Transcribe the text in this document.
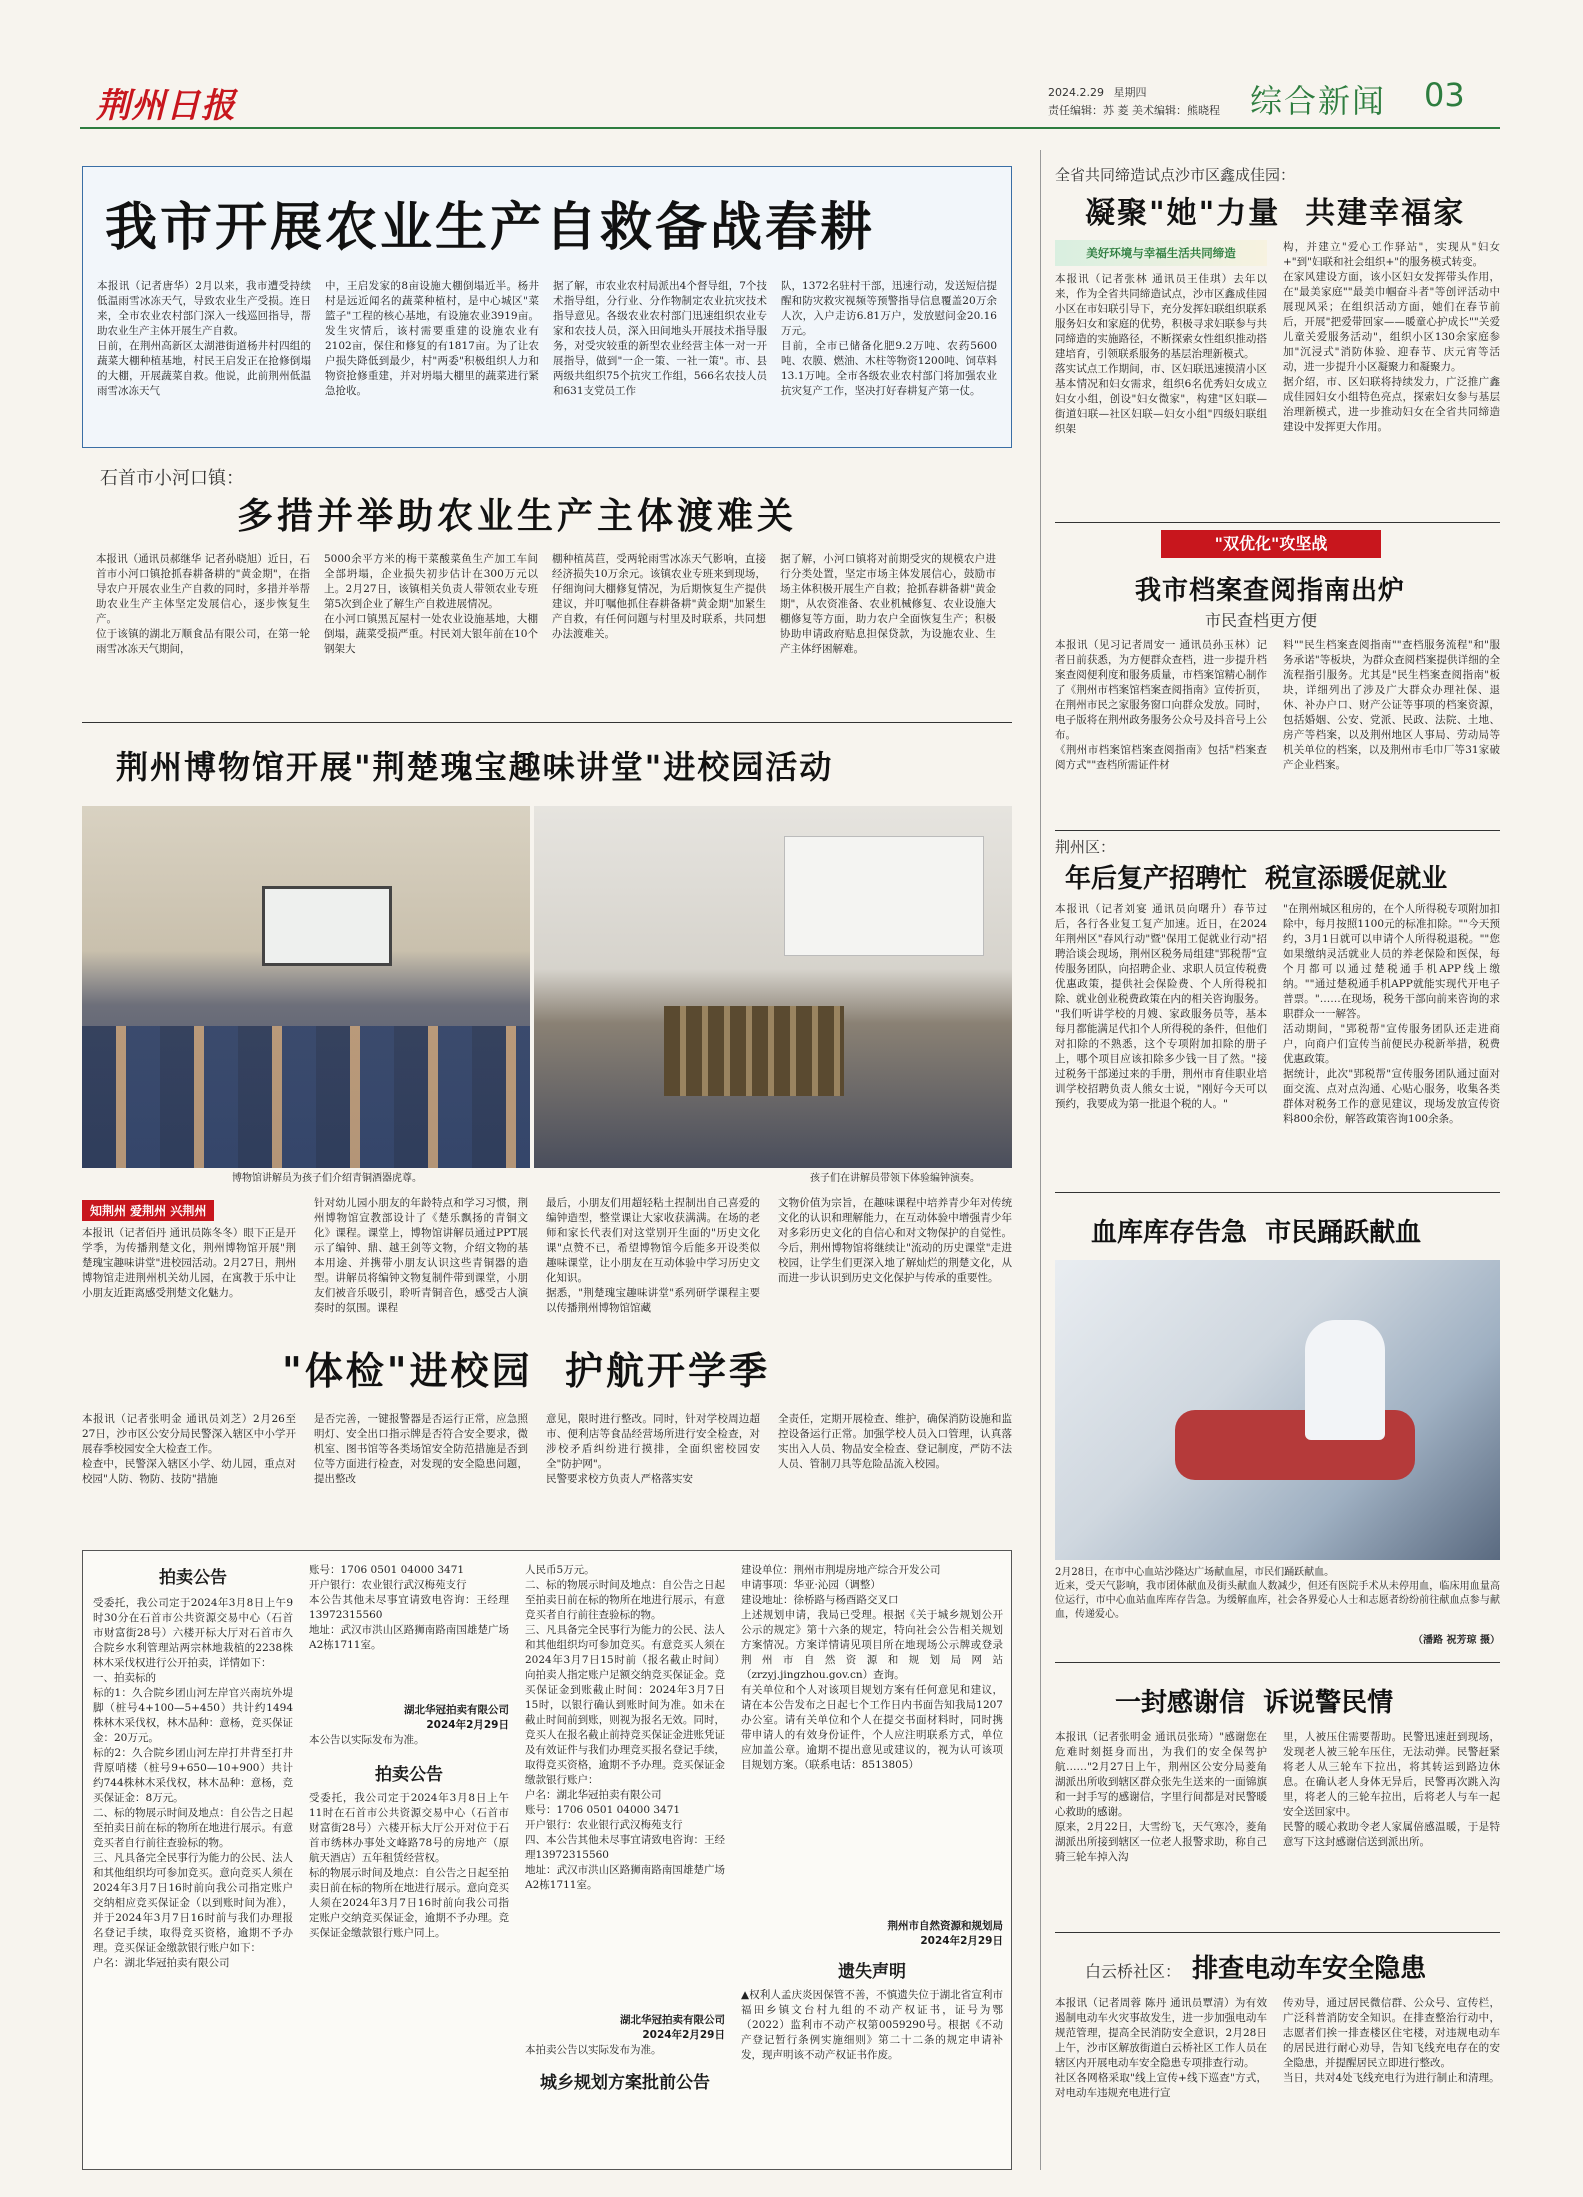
荆州日报	2024.2.29 星期四
责任编辑：苏 菱 美术编辑：熊晓程 综合新闻 03
我市开展农业生产自救备战春耕
本报讯（记者唐华）2月以来，我市遭受持续低温雨雪冰冻天气，导致农业生产受损。连日来，全市农业农村部门深入一线巡回指导，帮助农业生产主体开展生产自救。
日前，在荆州高新区太湖港街道杨井村四组的蔬菜大棚种植基地，村民王启发正在抢修倒塌的大棚，开展蔬菜自救。他说，此前荆州低温雨雪冰冻天气
中，王启发家的8亩设施大棚倒塌近半。杨井村是远近闻名的蔬菜种植村，是中心城区"菜篮子"工程的核心基地，有设施农业3919亩。发生灾情后，该村需要重建的设施农业有2102亩，保住和修复的有1817亩。为了让农户损失降低到最少，村"两委"积极组织人力和物资抢修重建，并对坍塌大棚里的蔬菜进行紧急抢收。
据了解，市农业农村局派出4个督导组，7个技术指导组，分行业、分作物制定农业抗灾技术指导意见。各级农业农村部门迅速组织农业专家和农技人员，深入田间地头开展技术指导服务，对受灾较重的新型农业经营主体一对一开展指导，做到"一企一策、一社一策"。市、县两级共组织75个抗灾工作组，566名农技人员和631支党员工作
队，1372名驻村干部，迅速行动，发送短信提醒和防灾救灾视频等预警指导信息覆盖20万余人次，入户走访6.81万户，发放慰问金20.16万元。
目前，全市已储备化肥9.2万吨、农药5600吨、农膜、燃油、木柱等物资1200吨、饲草料13.1万吨。全市各级农业农村部门将加强农业抗灾复产工作，坚决打好春耕复产第一仗。
石首市小河口镇：
多措并举助农业生产主体渡难关
本报讯（通讯员郝继华 记者孙晓旭）近日，石首市小河口镇抢抓春耕备耕的"黄金期"，在指导农户开展农业生产自救的同时，多措并举帮助农业生产主体坚定发展信心，逐步恢复生产。
位于该镇的湖北万顺食品有限公司，在第一轮雨雪冰冻天气期间，
5000余平方米的梅干菜酸菜鱼生产加工车间全部坍塌，企业损失初步估计在300万元以上。2月27日，该镇相关负责人带领农业专班第5次到企业了解生产自救进展情况。
在小河口镇黑瓦屋村一处农业设施基地，大棚倒塌，蔬菜受损严重。村民刘大银年前在10个钢架大
棚种植莴苣，受两轮雨雪冰冻天气影响，直接经济损失10万余元。该镇农业专班来到现场，仔细询问大棚修复情况，为后期恢复生产提供建议，并叮嘱他抓住春耕备耕"黄金期"加紧生产自救，有任何问题与村里及时联系，共同想办法渡难关。
据了解，小河口镇将对前期受灾的规模农户进行分类处置，坚定市场主体发展信心，鼓励市场主体积极开展生产自救；抢抓春耕备耕"黄金期"，从农资准备、农业机械修复、农业设施大棚修复等方面，助力农户全面恢复生产；积极协助申请政府贴息担保贷款，为设施农业、生产主体纾困解难。
荆州博物馆开展"荆楚瑰宝趣味讲堂"进校园活动
博物馆讲解员为孩子们介绍青铜酒器虎尊。	孩子们在讲解员带领下体验编钟演奏。
知荆州 爱荆州 兴荆州
本报讯（记者佰丹 通讯员陈冬冬）眼下正是开学季，为传播荆楚文化，荆州博物馆开展"荆楚瑰宝趣味讲堂"进校园活动。2月27日，荆州博物馆走进荆州机关幼儿园，在寓教于乐中让小朋友近距离感受荆楚文化魅力。
针对幼儿园小朋友的年龄特点和学习习惯，荆州博物馆宣教部设计了《楚乐飘扬的青铜文化》课程。课堂上，博物馆讲解员通过PPT展示了编钟、鼎、越王剑等文物，介绍文物的基本用途、并携带小朋友认识这些青铜器的造型。讲解员将编钟文物复制件带到课堂，小朋友们被音乐吸引，聆听青铜音色，感受古人演奏时的氛围。课程
最后，小朋友们用超轻粘土捏制出自己喜爱的编钟造型，整堂课让大家收获满满。在场的老师和家长代表们对这堂别开生面的"历史文化课"点赞不已，希望博物馆今后能多开设类似趣味课堂，让小朋友在互动体验中学习历史文化知识。
据悉，"荆楚瑰宝趣味讲堂"系列研学课程主要以传播荆州博物馆馆藏
文物价值为宗旨，在趣味课程中培养青少年对传统文化的认识和理解能力，在互动体验中增强青少年对多彩历史文化的自信心和对文物保护的自觉性。今后，荆州博物馆将继续让"流动的历史课堂"走进校园，让学生们更深入地了解灿烂的荆楚文化，从而进一步认识到历史文化保护与传承的重要性。
"体检"进校园  护航开学季
本报讯（记者张明金 通讯员刘芝）2月26至27日，沙市区公安分局民警深入辖区中小学开展春季校园安全大检查工作。
检查中，民警深入辖区小学、幼儿园，重点对校园"人防、物防、技防"措施
是否完善，一键报警器是否运行正常，应急照明灯、安全出口指示牌是否符合安全要求，微机室、图书馆等各类场馆安全防范措施是否到位等方面进行检查，对发现的安全隐患问题，提出整改
意见，限时进行整改。同时，针对学校周边超市、便利店等食品经营场所进行安全检查，对涉校矛盾纠纷进行摸排，全面织密校园安全"防护网"。
民警要求校方负责人严格落实安
全责任，定期开展检查、维护，确保消防设施和监控设备运行正常。加强学校人员入口管理，认真落实出入人员、物品安全检查、登记制度，严防不法人员、管制刀具等危险品流入校园。
拍卖公告
受委托，我公司定于2024年3月8日上午9时30分在石首市公共资源交易中心（石首市财富街28号）六楼开标大厅对石首市久合院乡水利管理站两宗林地栽植的2238株林木采伐权进行公开拍卖，详情如下：
一、拍卖标的
标的1：久合院乡团山河左岸官兴南坑外堤脚（桩号4+100—5+450）共计约1494株林木采伐权，林木品种：意杨，竞买保证金：20万元。
标的2：久合院乡团山河左岸打井背至打井背原哨楼（桩号9+650—10+900）共计约744株林木采伐权，林木品种：意杨，竞买保证金：8万元。
二、标的物展示时间及地点：自公告之日起至拍卖日前在标的物所在地进行展示。有意竞买者自行前往查验标的物。
三、凡具备完全民事行为能力的公民、法人和其他组织均可参加竞买。意向竞买人须在2024年3月7日16时前向我公司指定账户交纳相应竞买保证金（以到账时间为准），并于2024年3月7日16时前与我们办理报名登记手续，取得竞买资格，逾期不予办理。竞买保证金缴款银行账户如下：
户名：湖北华冠拍卖有限公司
账号：1706 0501 04000 3471
开户银行：农业银行武汉梅苑支行
本公告其他未尽事宜请致电咨询：王经理13972315560
地址：武汉市洪山区路狮南路南国雄楚广场A2栋1711室。
湖北华冠拍卖有限公司
2024年2月29日
本公告以实际发布为准。
拍卖公告
受委托，我公司定于2024年3月8日上午11时在石首市公共资源交易中心（石首市财富街28号）六楼开标大厅公开对位于石首市绣林办事处文峰路78号的房地产（原航天酒店）五年租赁经营权。
标的物展示时间及地点：自公告之日起至拍卖日前在标的物所在地进行展示。意向竞买人须在2024年3月7日16时前向我公司指定账户交纳竞买保证金，逾期不予办理。竞买保证金缴款银行账户同上。
人民币5万元。
二、标的物展示时间及地点：自公告之日起至拍卖日前在标的物所在地进行展示，有意竞买者自行前往查验标的物。
三、凡具备完全民事行为能力的公民、法人和其他组织均可参加竞买。有意竞买人须在2024年3月7日15时前（报名截止时间）向拍卖人指定账户足额交纳竞买保证金。竞买保证金到账截止时间：2024年3月7日15时，以银行确认到账时间为准。如未在截止时间前到账，则视为报名无效。同时，竞买人在报名截止前持竞买保证金进账凭证及有效证件与我们办理竞买报名登记手续，取得竞买资格，逾期不予办理。竞买保证金缴款银行账户：
户名：湖北华冠拍卖有限公司
账号：1706 0501 04000 3471
开户银行：农业银行武汉梅苑支行
四、本公告其他未尽事宜请致电咨询：王经理13972315560
地址：武汉市洪山区路狮南路南国雄楚广场A2栋1711室。
湖北华冠拍卖有限公司
2024年2月29日
本拍卖公告以实际发布为准。
城乡规划方案批前公告
建设单位：荆州市荆堤房地产综合开发公司
申请事项：华亚·沁园（调整）
建设地址：徐桥路与杨酉路交叉口
上述规划申请，我局已受理。根据《关于城乡规划公开公示的规定》第十六条的规定，特向社会公告相关规划方案情况。方案详情请见项目所在地现场公示牌或登录荆州市自然资源和规划局网站（zrzyj.jingzhou.gov.cn）查询。
有关单位和个人对该项目规划方案有任何意见和建议，请在本公告发布之日起七个工作日内书面告知我局1207办公室。请有关单位和个人在提交书面材料时，同时携带申请人的有效身份证件，个人应注明联系方式，单位应加盖公章。逾期不提出意见或建议的，视为认可该项目规划方案。（联系电话：8513805）
荆州市自然资源和规划局
2024年2月29日
遗失声明
▲权利人孟庆炎因保管不善，不慎遗失位于湖北省宣利市福田乡镇文台村九组的不动产权证书，证号为鄂（2022）监利市不动产权第0059290号。根据《不动产登记暂行条例实施细则》第二十二条的规定申请补发，现声明该不动产权证书作废。
全省共同缔造试点沙市区鑫成佳园：
凝聚"她"力量  共建幸福家
美好环境与幸福生活共同缔造
本报讯（记者张林 通讯员王佳琪）去年以来，作为全省共同缔造试点，沙市区鑫成佳园小区在市妇联引导下，充分发挥妇联组织联系服务妇女和家庭的优势，积极寻求妇联参与共同缔造的实施路径，不断探索女性组织推动搭建培育，引领联系服务的基层治理新模式。
落实试点工作期间，市、区妇联迅速摸清小区基本情况和妇女需求，组织6名优秀妇女成立妇女小组，创设"妇女微家"，构建"区妇联—街道妇联—社区妇联—妇女小组"四级妇联组织架
构，并建立"爱心工作驿站"，实现从"妇女+"到"妇联和社会组织+"的服务模式转变。
在家风建设方面，该小区妇女发挥带头作用，在"最美家庭""最美巾帼奋斗者"等创评活动中展现风采；在组织活动方面，她们在春节前后，开展"把爱带回家——暖童心护成长""关爱儿童关爱服务活动"，组织小区130余家庭参加"沉浸式"消防体验、迎春节、庆元宵等活动，进一步提升小区凝聚力和凝聚力。
据介绍，市、区妇联将持续发力，广泛推广鑫成佳园妇女小组特色亮点，探索妇女参与基层治理新模式，进一步推动妇女在全省共同缔造建设中发挥更大作用。
"双优化"攻坚战
我市档案查阅指南出炉
市民查档更方便
本报讯（见习记者周安一 通讯员孙玉林）记者日前获悉，为方便群众查档，进一步提升档案查阅便利度和服务质量，市档案馆精心制作了《荆州市档案馆档案查阅指南》宣传折页，在荆州市民之家服务窗口向群众发放。同时，电子版将在荆州政务服务公众号及抖音号上公布。
《荆州市档案馆档案查阅指南》包括"档案查阅方式""查档所需证件材
料""民生档案查阅指南""查档服务流程"和"服务承诺"等板块，为群众查阅档案提供详细的全流程指引服务。尤其是"民生档案查阅指南"板块，详细列出了涉及广大群众办理社保、退休、补办户口、财产公证等事项的档案资源，包括婚姻、公安、党派、民政、法院、土地、房产等档案，以及荆州地区人事局、劳动局等机关单位的档案，以及荆州市毛巾厂等31家破产企业档案。
荆州区：
年后复产招聘忙  税宣添暖促就业
本报讯（记者刘宴 通讯员向曙升）春节过后，各行各业复工复产加速。近日，在2024年荆州区"春风行动"暨"保用工促就业行动"招聘洽谈会现场，荆州区税务局组建"郢税帮"宣传服务团队，向招聘企业、求职人员宣传税费优惠政策，提供社会保险费、个人所得税扣除、就业创业税费政策在内的相关咨询服务。
"我们听讲学校的月嫂、家政服务员等，基本每月都能满足代扣个人所得税的条件，但他们对扣除的不熟悉，这个专项附加扣除的册子上，哪个项目应该扣除多少钱一目了然。"接过税务干部递过来的手册，荆州市育佳职业培训学校招聘负责人熊女士说，"刚好今天可以预约，我要成为第一批退个税的人。"
"在荆州城区租房的，在个人所得税专项附加扣除中，每月按照1100元的标准扣除。""今天预约，3月1日就可以申请个人所得税退税。""您如果缴纳灵活就业人员的养老保险和医保，每个月都可以通过楚税通手机APP线上缴纳。""通过楚税通手机APP就能实现代开电子普票。"……在现场，税务干部向前来咨询的求职群众一一解答。
活动期间，"郢税帮"宣传服务团队还走进商户，向商户们宣传当前便民办税新举措，税费优惠政策。
据统计，此次"郢税帮"宣传服务团队通过面对面交流、点对点沟通、心贴心服务，收集各类群体对税务工作的意见建议，现场发放宣传资料800余份，解答政策咨询100余条。
血库库存告急  市民踊跃献血
2月28日，在市中心血站沙隆达广场献血屋，市民们踊跃献血。
近来，受天气影响，我市团体献血及街头献血人数减少，但还有医院手术从未停用血，临床用血量高位运行，市中心血站血库库存告急。为缓解血库，社会各界爱心人士和志愿者纷纷前往献血点参与献血，传递爱心。
（潘路 祝芳琼 摄）
一封感谢信  诉说警民情
本报讯（记者张明金 通讯员张琦）"感谢您在危难时刻挺身而出，为我们的安全保驾护航……"2月27日上午，荆州区公安分局菱角湖派出所收到辖区群众张先生送来的一面锦旗和一封手写的感谢信，字里行间都是对民警暖心救助的感谢。
原来，2月22日，大雪纷飞，天气寒冷，菱角湖派出所接到辖区一位老人报警求助，称自己骑三轮车掉入沟
里，人被压住需要帮助。民警迅速赶到现场，发现老人被三轮车压住，无法动弹。民警赶紧将老人从三轮车下拉出，将其转运到路边休息。在确认老人身体无异后，民警再次跳入沟里，将老人的三轮车拉出，后将老人与车一起安全送回家中。
民警的暖心救助令老人家属倍感温暖，于是特意写下这封感谢信送到派出所。
白云桥社区： 排查电动车安全隐患
本报讯（记者周蓉 陈丹 通讯员覃清）为有效遏制电动车火灾事故发生，进一步加强电动车规范管理，提高全民消防安全意识，2月28日上午，沙市区解放街道白云桥社区工作人员在辖区内开展电动车安全隐患专项排查行动。
社区各网格采取"线上宣传+线下巡查"方式，对电动车违规充电进行宣
传劝导，通过居民微信群、公众号、宣传栏，广泛科普消防安全知识。在排查整治行动中，志愿者们挨一排查楼区住宅楼，对违规电动车的居民进行耐心劝导，告知飞线充电存在的安全隐患，并提醒居民立即进行整改。
当日，共对4处飞线充电行为进行制止和清理。
